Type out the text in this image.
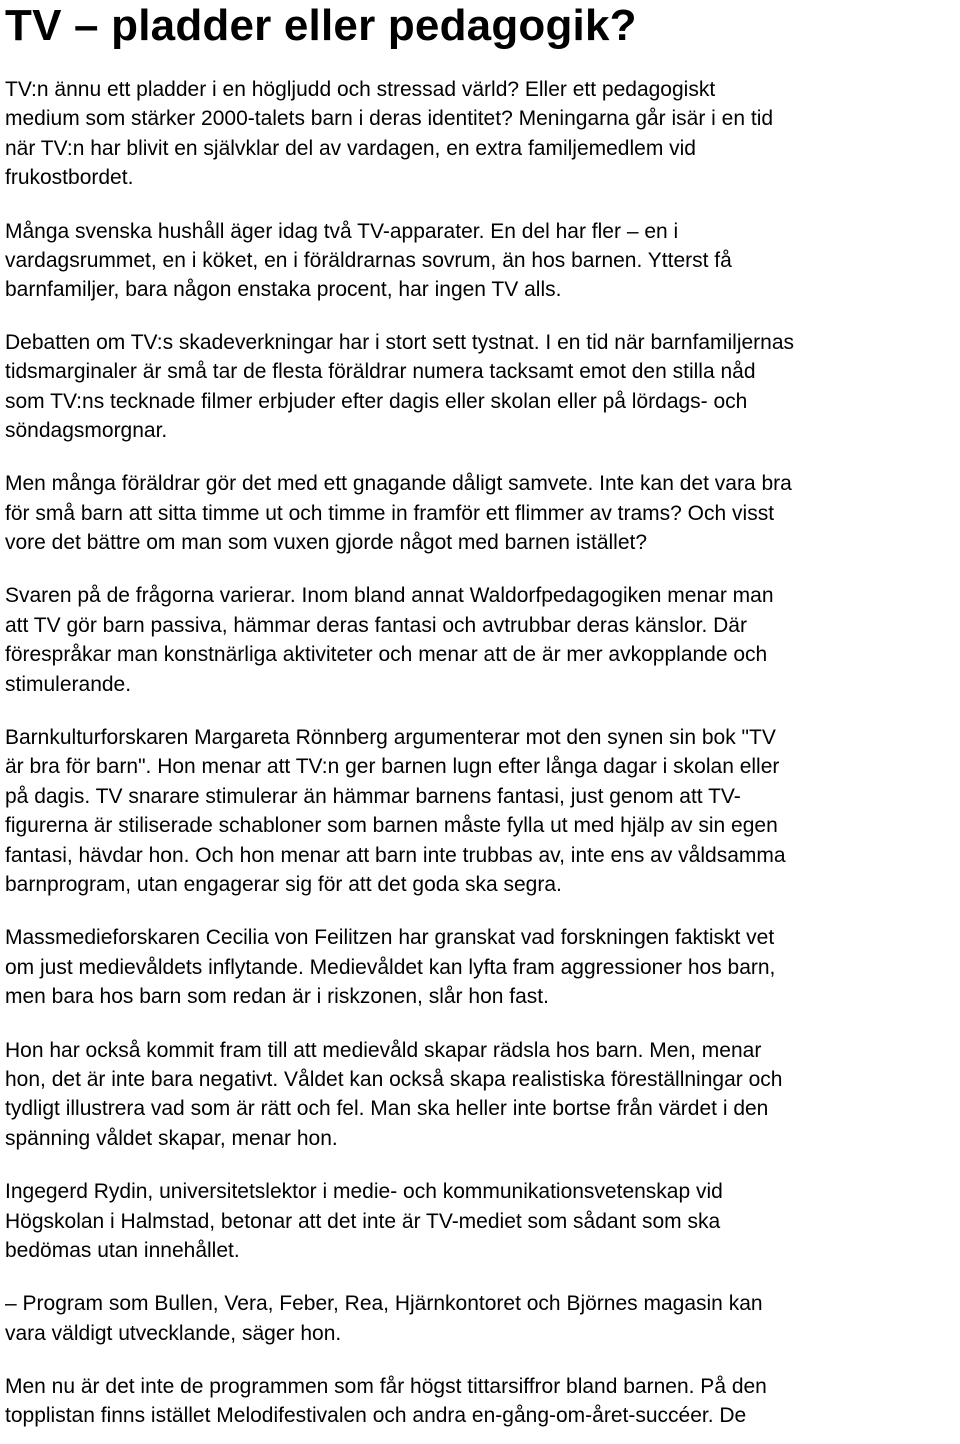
TV – pladder eller pedagogik?

TV:n ännu ett pladder i en högljudd och stressad värld? Eller ett pedagogiskt
medium som stärker 2000-talets barn i deras identitet? Meningarna går isär i en tid
när TV:n har blivit en självklar del av vardagen, en extra familjemedlem vid
frukostbordet.

Många svenska hushåll äger idag två TV-apparater. En del har fler – en i
vardagsrummet, en i köket, en i föräldrarnas sovrum, än hos barnen. Ytterst få
barnfamiljer, bara någon enstaka procent, har ingen TV alls.

Debatten om TV:s skadeverkningar har i stort sett tystnat. I en tid när barnfamiljernas
tidsmarginaler är små tar de flesta föräldrar numera tacksamt emot den stilla nåd
som TV:ns tecknade filmer erbjuder efter dagis eller skolan eller på lördags- och
söndagsmorgnar.

Men många föräldrar gör det med ett gnagande dåligt samvete. Inte kan det vara bra
för små barn att sitta timme ut och timme in framför ett flimmer av trams? Och visst
vore det bättre om man som vuxen gjorde något med barnen istället?

Svaren på de frågorna varierar. Inom bland annat Waldorfpedagogiken menar man
att TV gör barn passiva, hämmar deras fantasi och avtrubbar deras känslor. Där
förespråkar man konstnärliga aktiviteter och menar att de är mer avkopplande och
stimulerande.

Barnkulturforskaren Margareta Rönnberg argumenterar mot den synen sin bok "TV
är bra för barn". Hon menar att TV:n ger barnen lugn efter långa dagar i skolan eller
på dagis. TV snarare stimulerar än hämmar barnens fantasi, just genom att TV-
figurerna är stiliserade schabloner som barnen måste fylla ut med hjälp av sin egen
fantasi, hävdar hon. Och hon menar att barn inte trubbas av, inte ens av våldsamma
barnprogram, utan engagerar sig för att det goda ska segra.

Massmedieforskaren Cecilia von Feilitzen har granskat vad forskningen faktiskt vet
om just medievåldets inflytande. Medievåldet kan lyfta fram aggressioner hos barn,
men bara hos barn som redan är i riskzonen, slår hon fast.

Hon har också kommit fram till att medievåld skapar rädsla hos barn. Men, menar
hon, det är inte bara negativt. Våldet kan också skapa realistiska föreställningar och
tydligt illustrera vad som är rätt och fel. Man ska heller inte bortse från värdet i den
spänning våldet skapar, menar hon.

Ingegerd Rydin, universitetslektor i medie- och kommunikationsvetenskap vid
Högskolan i Halmstad, betonar att det inte är TV-mediet som sådant som ska
bedömas utan innehållet.

– Program som Bullen, Vera, Feber, Rea, Hjärnkontoret och Björnes magasin kan
vara väldigt utvecklande, säger hon.

Men nu är det inte de programmen som får högst tittarsiffror bland barnen. På den
topplistan finns istället Melodifestivalen och andra en-gång-om-året-succéer. De
